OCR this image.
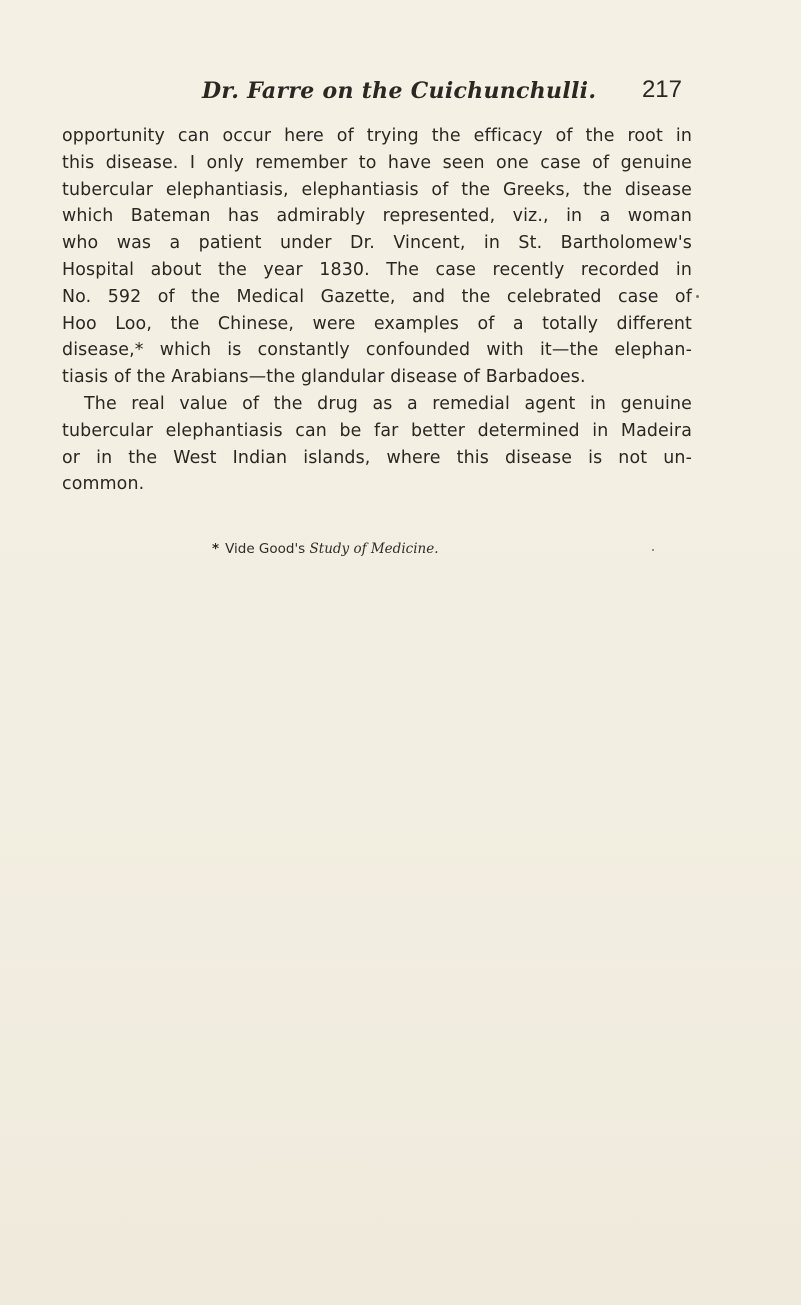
Dr. Farre on the Cuichunchulli. 217
opportunity can occur here of trying the efficacy of the root in
this disease. I only remember to have seen one case of genuine
tubercular elephantiasis, elephantiasis of the Greeks, the disease
which Bateman has admirably represented, viz., in a woman
who was a patient under Dr. Vincent, in St. Bartholomew's
Hospital about the year 1830. The case recently recorded in
No. 592 of the Medical Gazette, and the celebrated case of
Hoo Loo, the Chinese, were examples of a totally different
disease,* which is constantly confounded with it—the elephan-
tiasis of the Arabians—the glandular disease of Barbadoes.
The real value of the drug as a remedial agent in genuine
tubercular elephantiasis can be far better determined in Madeira
or in the West Indian islands, where this disease is not un-
common.
* Vide Good's Study of Medicine.
